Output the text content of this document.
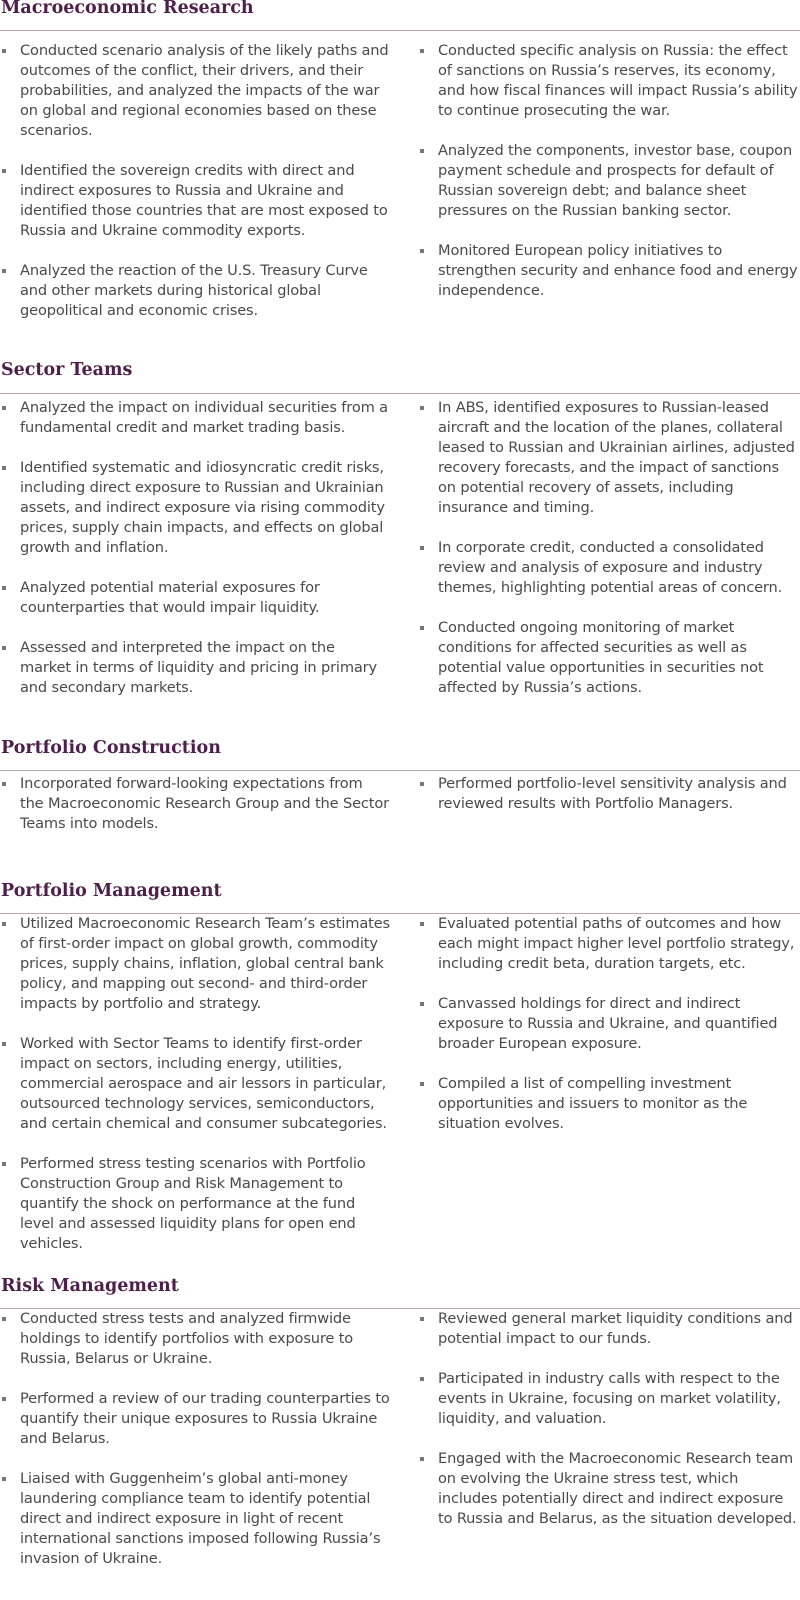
Macroeconomic Research
Conducted scenario analysis of the likely paths and outcomes of the conflict, their drivers, and their probabilities, and analyzed the impacts of the war on global and regional economies based on these scenarios.
Identified the sovereign credits with direct and indirect exposures to Russia and Ukraine and identified those countries that are most exposed to Russia and Ukraine commodity exports.
Analyzed the reaction of the U.S. Treasury Curve and other markets during historical global geopolitical and economic crises.
Conducted specific analysis on Russia: the effect of sanctions on Russia’s reserves, its economy, and how fiscal finances will impact Russia’s ability to continue prosecuting the war.
Analyzed the components, investor base, coupon payment schedule and prospects for default of Russian sovereign debt; and balance sheet pressures on the Russian banking sector.
Monitored European policy initiatives to strengthen security and enhance food and energy independence.
Sector Teams
Analyzed the impact on individual securities from a fundamental credit and market trading basis.
Identified systematic and idiosyncratic credit risks, including direct exposure to Russian and Ukrainian assets, and indirect exposure via rising commodity prices, supply chain impacts, and effects on global growth and inflation.
Analyzed potential material exposures for counterparties that would impair liquidity.
Assessed and interpreted the impact on the market in terms of liquidity and pricing in primary and secondary markets.
In ABS, identified exposures to Russian-leased aircraft and the location of the planes, collateral leased to Russian and Ukrainian airlines, adjusted recovery forecasts, and the impact of sanctions on potential recovery of assets, including insurance and timing.
In corporate credit, conducted a consolidated review and analysis of exposure and industry themes, highlighting potential areas of concern.
Conducted ongoing monitoring of market conditions for affected securities as well as potential value opportunities in securities not affected by Russia’s actions.
Portfolio Construction
Incorporated forward-looking expectations from the Macroeconomic Research Group and the Sector Teams into models.
Performed portfolio-level sensitivity analysis and reviewed results with Portfolio Managers.
Portfolio Management
Utilized Macroeconomic Research Team’s estimates of first-order impact on global growth, commodity prices, supply chains, inflation, global central bank policy, and mapping out second- and third-order impacts by portfolio and strategy.
Worked with Sector Teams to identify first-order impact on sectors, including energy, utilities, commercial aerospace and air lessors in particular, outsourced technology services, semiconductors, and certain chemical and consumer subcategories.
Performed stress testing scenarios with Portfolio Construction Group and Risk Management to quantify the shock on performance at the fund level and assessed liquidity plans for open end vehicles.
Evaluated potential paths of outcomes and how each might impact higher level portfolio strategy, including credit beta, duration targets, etc.
Canvassed holdings for direct and indirect exposure to Russia and Ukraine, and quantified broader European exposure.
Compiled a list of compelling investment opportunities and issuers to monitor as the situation evolves.
Risk Management
Conducted stress tests and analyzed firmwide holdings to identify portfolios with exposure to Russia, Belarus or Ukraine.
Performed a review of our trading counterparties to quantify their unique exposures to Russia Ukraine and Belarus.
Liaised with Guggenheim’s global anti-money laundering compliance team to identify potential direct and indirect exposure in light of recent international sanctions imposed following Russia’s invasion of Ukraine.
Reviewed general market liquidity conditions and potential impact to our funds.
Participated in industry calls with respect to the events in Ukraine, focusing on market volatility, liquidity, and valuation.
Engaged with the Macroeconomic Research team on evolving the Ukraine stress test, which includes potentially direct and indirect exposure to Russia and Belarus, as the situation developed.
